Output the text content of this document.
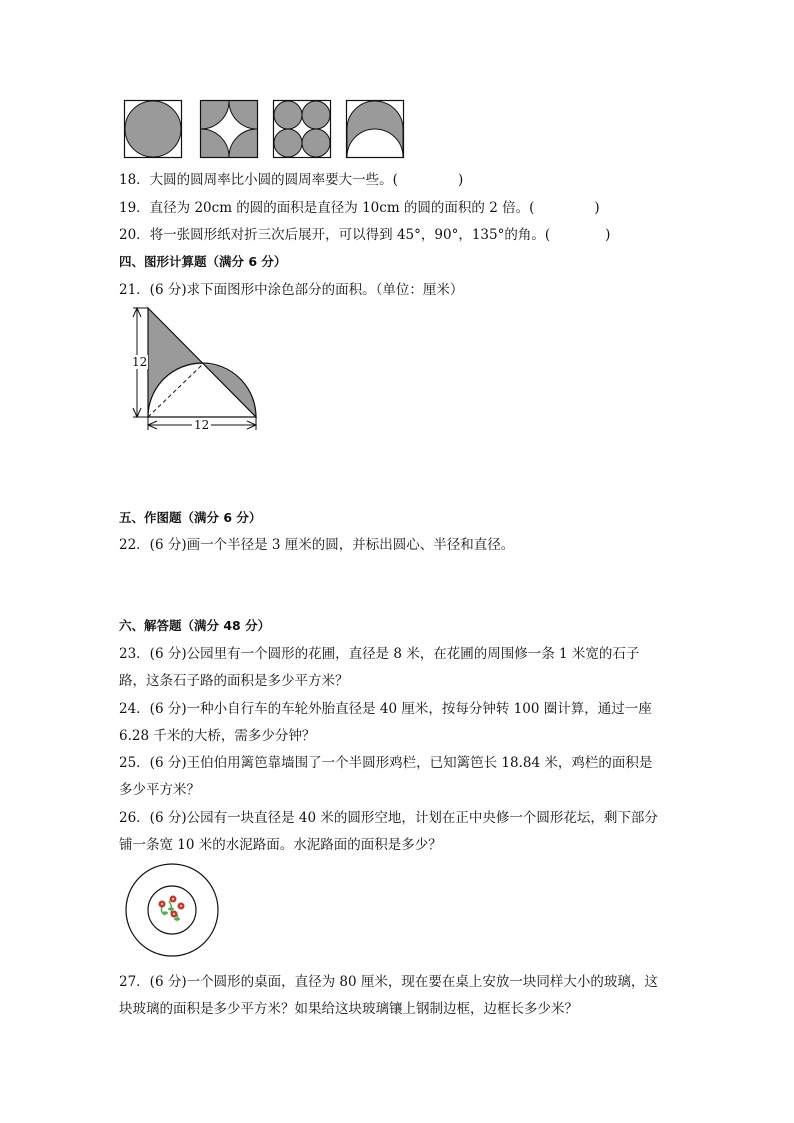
18．大圆的圆周率比小圆的圆周率要大一些。(	)
19．直径为 20cm 的圆的面积是直径为 10cm 的圆的面积的 2 倍。(	)
20．将一张圆形纸对折三次后展开，可以得到 45°，90°，135°的角。(	)
四、图形计算题（满分 6 分）
21．(6 分)求下面图形中涂色部分的面积。（单位：厘米）
12
12
五、作图题（满分 6 分）
22．(6 分)画一个半径是 3 厘米的圆，并标出圆心、半径和直径。
六、解答题（满分 48 分）
23．(6 分)公园里有一个圆形的花圃，直径是 8 米，在花圃的周围修一条 1 米宽的石子
路，这条石子路的面积是多少平方米？
24．(6 分)一种小自行车的车轮外胎直径是 40 厘米，按每分钟转 100 圈计算，通过一座
6.28 千米的大桥，需多少分钟？
25．(6 分)王伯伯用篱笆靠墙围了一个半圆形鸡栏，已知篱笆长 18.84 米，鸡栏的面积是
多少平方米？
26．(6 分)公园有一块直径是 40 米的圆形空地，计划在正中央修一个圆形花坛，剩下部分
铺一条宽 10 米的水泥路面。水泥路面的面积是多少？
27．(6 分)一个圆形的桌面，直径为 80 厘米，现在要在桌上安放一块同样大小的玻璃，这
块玻璃的面积是多少平方米？如果给这块玻璃镶上钢制边框，边框长多少米？
